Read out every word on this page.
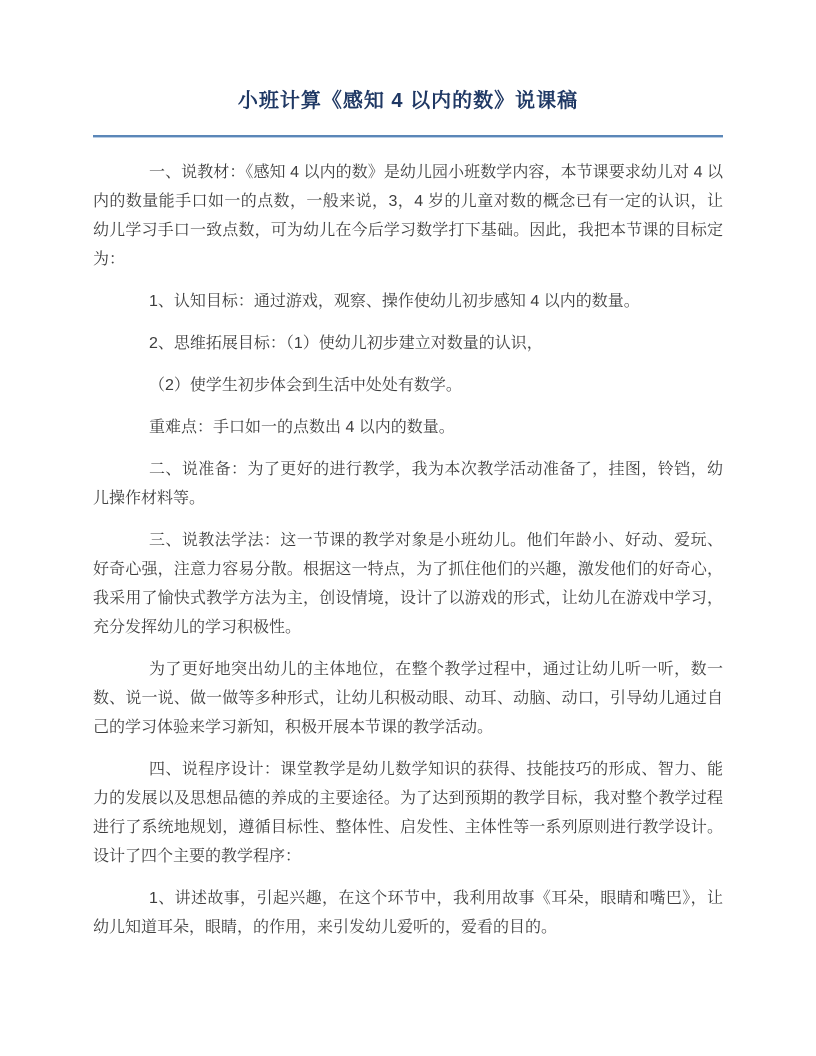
小班计算《感知 4 以内的数》说课稿

一、说教材：《感知 4 以内的数》是幼儿园小班数学内容，本节课要求幼儿对 4 以内的数量能手口如一的点数，一般来说，3，4 岁的儿童对数的概念已有一定的认识，让幼儿学习手口一致点数，可为幼儿在今后学习数学打下基础。因此，我把本节课的目标定为：

1、认知目标：通过游戏，观察、操作使幼儿初步感知 4 以内的数量。

2、思维拓展目标：（1）使幼儿初步建立对数量的认识，

（2）使学生初步体会到生活中处处有数学。

重难点：手口如一的点数出 4 以内的数量。

二、说准备：为了更好的进行教学，我为本次教学活动准备了，挂图，铃铛，幼儿操作材料等。

三、说教法学法：这一节课的教学对象是小班幼儿。他们年龄小、好动、爱玩、好奇心强，注意力容易分散。根据这一特点，为了抓住他们的兴趣，激发他们的好奇心，我采用了愉快式教学方法为主，创设情境，设计了以游戏的形式，让幼儿在游戏中学习，充分发挥幼儿的学习积极性。

为了更好地突出幼儿的主体地位，在整个教学过程中，通过让幼儿听一听，数一数、说一说、做一做等多种形式，让幼儿积极动眼、动耳、动脑、动口，引导幼儿通过自己的学习体验来学习新知，积极开展本节课的教学活动。

四、说程序设计：课堂教学是幼儿数学知识的获得、技能技巧的形成、智力、能力的发展以及思想品德的养成的主要途径。为了达到预期的教学目标，我对整个教学过程进行了系统地规划，遵循目标性、整体性、启发性、主体性等一系列原则进行教学设计。设计了四个主要的教学程序：

1、讲述故事，引起兴趣，在这个环节中，我利用故事《耳朵，眼睛和嘴巴》，让幼儿知道耳朵，眼睛，的作用，来引发幼儿爱听的，爱看的目的。
